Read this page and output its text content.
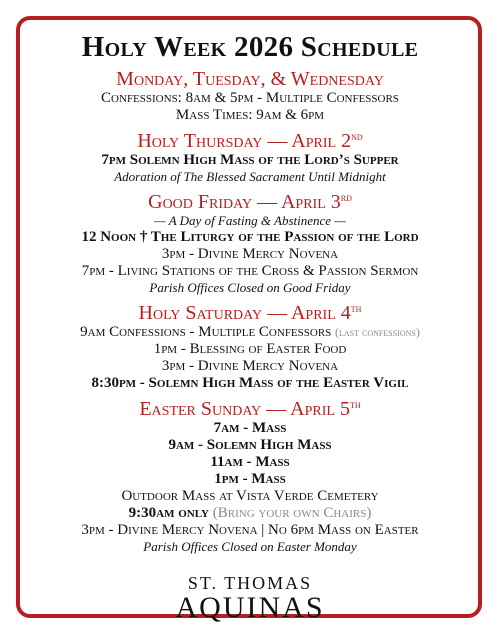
Holy Week 2026 Schedule
Monday, Tuesday, & Wednesday
Confessions: 8am & 5pm - Multiple Confessors
Mass Times: 9am & 6pm
Holy Thursday — April 2nd
7pm Solemn High Mass of the Lord’s Supper
Adoration of The Blessed Sacrament Until Midnight
Good Friday — April 3rd
— A Day of Fasting & Abstinence —
12 Noon † The Liturgy of the Passion of the Lord
3pm - Divine Mercy Novena
7pm - Living Stations of the Cross & Passion Sermon
Parish Offices Closed on Good Friday
Holy Saturday — April 4th
9am Confessions - Multiple Confessors (last confessions)
1pm - Blessing of Easter Food
3pm - Divine Mercy Novena
8:30pm - Solemn High Mass of the Easter Vigil
Easter Sunday — April 5th
7am - Mass
9am - Solemn High Mass
11am - Mass
1pm - Mass
Outdoor Mass at Vista Verde Cemetery
9:30am only (Bring your own Chairs)
3pm - Divine Mercy Novena | No 6pm Mass on Easter
Parish Offices Closed on Easter Monday
ST. THOMAS
AQUINAS
